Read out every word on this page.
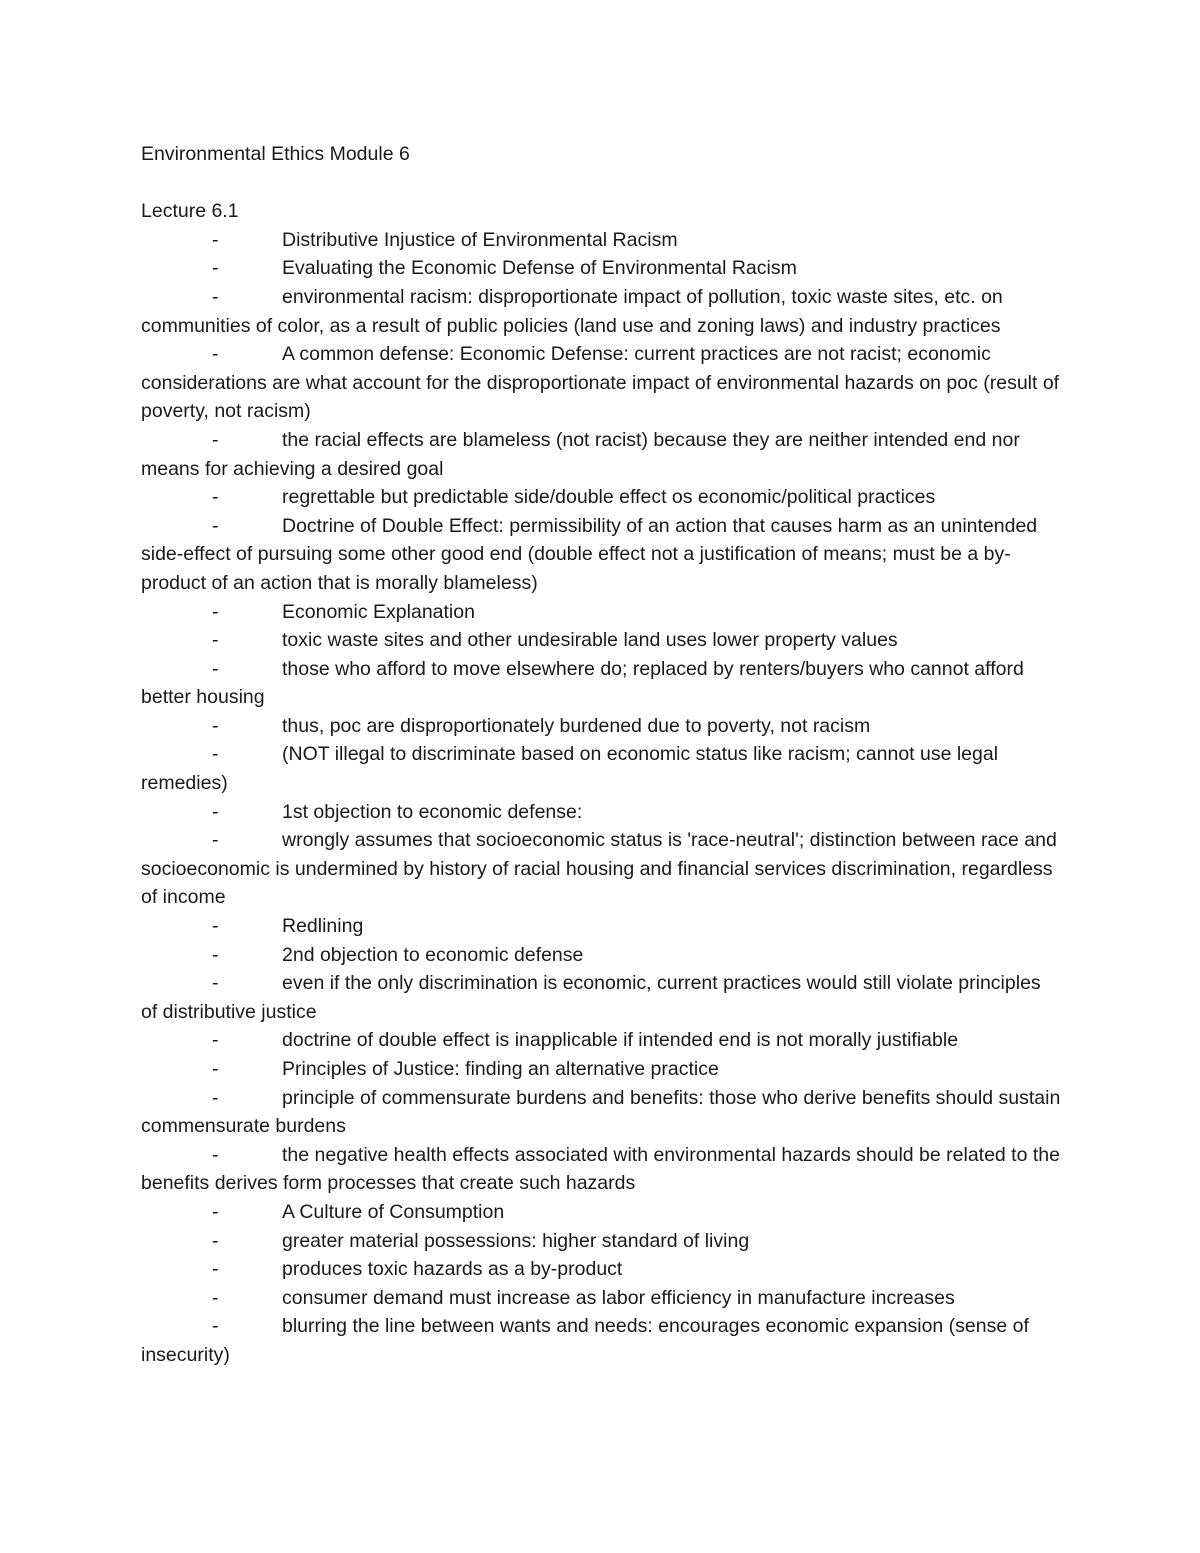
Environmental Ethics Module 6

Lecture 6.1

-	Distributive Injustice of Environmental Racism

-	Evaluating the Economic Defense of Environmental Racism

-	environmental racism: disproportionate impact of pollution, toxic waste sites, etc. on communities of color, as a result of public policies (land use and zoning laws) and industry practices

-	A common defense: Economic Defense: current practices are not racist; economic considerations are what account for the disproportionate impact of environmental hazards on poc (result of poverty, not racism)

-	the racial effects are blameless (not racist) because they are neither intended end nor means for achieving a desired goal

-	regrettable but predictable side/double effect os economic/political practices

-	Doctrine of Double Effect: permissibility of an action that causes harm as an unintended side-effect of pursuing some other good end (double effect not a justification of means; must be a by-product of an action that is morally blameless)

-	Economic Explanation

-	toxic waste sites and other undesirable land uses lower property values

-	those who afford to move elsewhere do; replaced by renters/buyers who cannot afford better housing

-	thus, poc are disproportionately burdened due to poverty, not racism

-	(NOT illegal to discriminate based on economic status like racism; cannot use legal remedies)

-	1st objection to economic defense:

-	wrongly assumes that socioeconomic status is 'race-neutral'; distinction between race and socioeconomic is undermined by history of racial housing and financial services discrimination, regardless of income

-	Redlining

-	2nd objection to economic defense

-	even if the only discrimination is economic, current practices would still violate principles of distributive justice

-	doctrine of double effect is inapplicable if intended end is not morally justifiable

-	Principles of Justice: finding an alternative practice

-	principle of commensurate burdens and benefits: those who derive benefits should sustain commensurate burdens

-	the negative health effects associated with environmental hazards should be related to the benefits derives form processes that create such hazards

-	A Culture of Consumption

-	greater material possessions: higher standard of living

-	produces toxic hazards as a by-product

-	consumer demand must increase as labor efficiency in manufacture increases

-	blurring the line between wants and needs: encourages economic expansion (sense of insecurity)
